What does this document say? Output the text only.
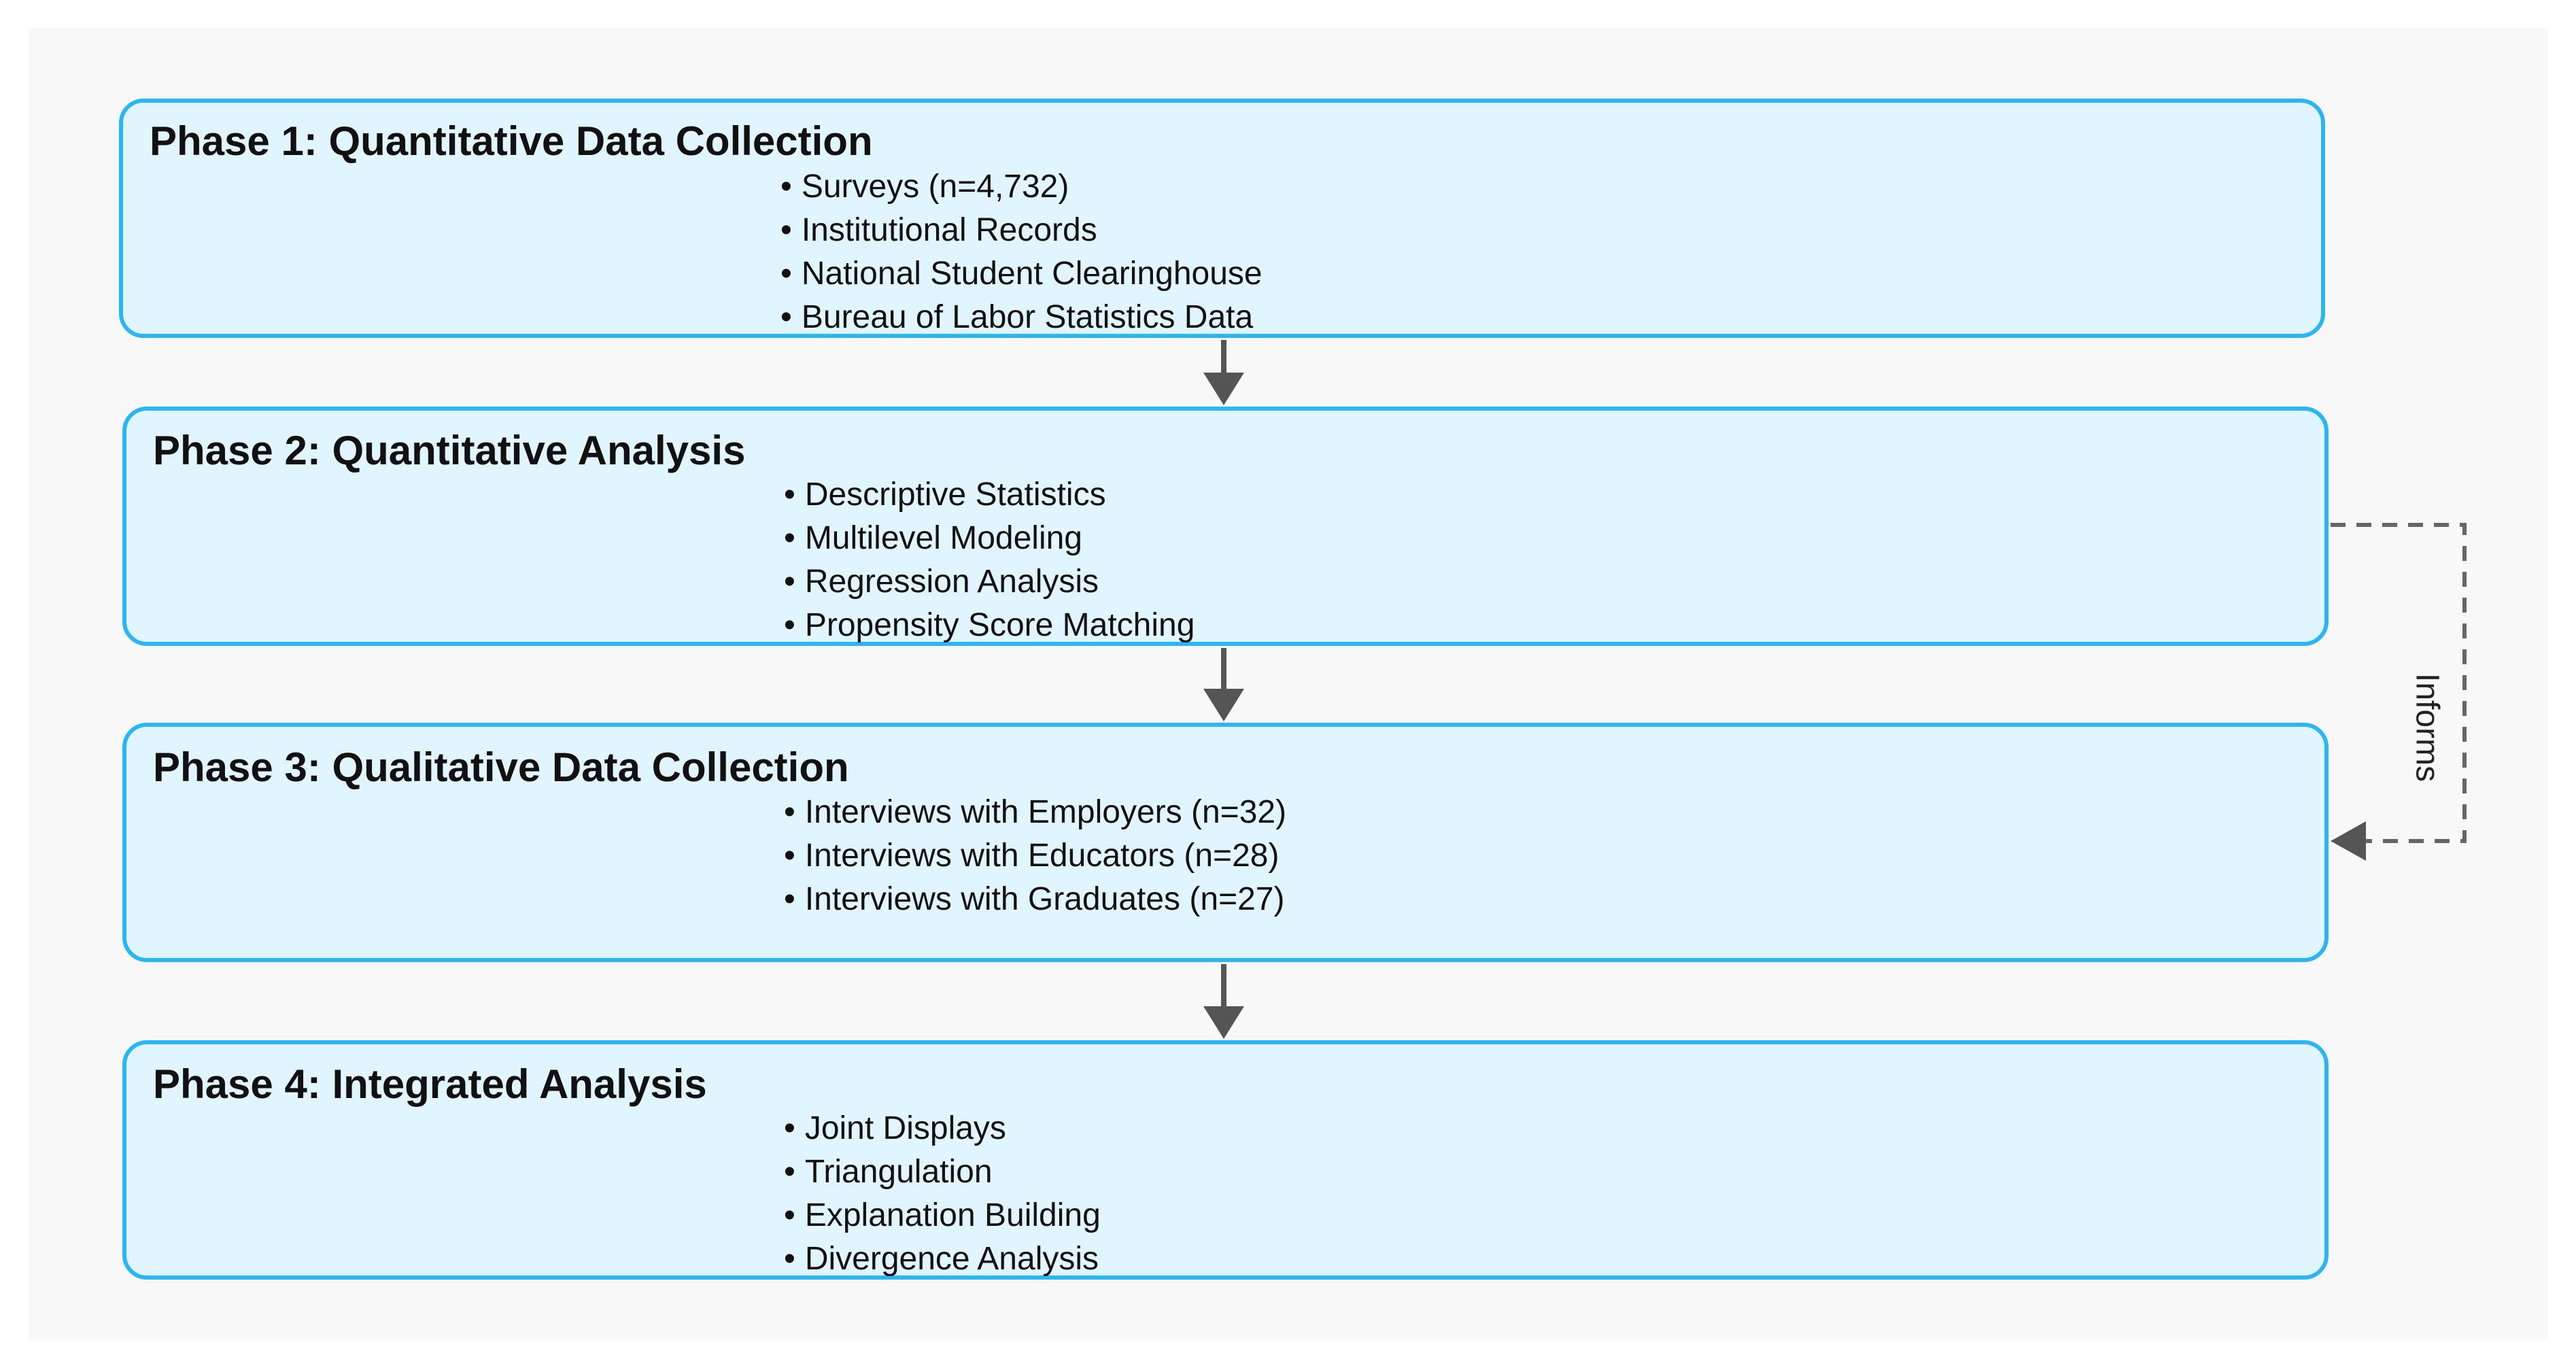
Phase 1: Quantitative Data Collection
• Surveys (n=4,732)
• Institutional Records
• National Student Clearinghouse
• Bureau of Labor Statistics Data
Phase 2: Quantitative Analysis
• Descriptive Statistics
• Multilevel Modeling
• Regression Analysis
• Propensity Score Matching
Phase 3: Qualitative Data Collection
• Interviews with Employers (n=32)
• Interviews with Educators (n=28)
• Interviews with Graduates (n=27)
Phase 4: Integrated Analysis
• Joint Displays
• Triangulation
• Explanation Building
• Divergence Analysis
Informs
